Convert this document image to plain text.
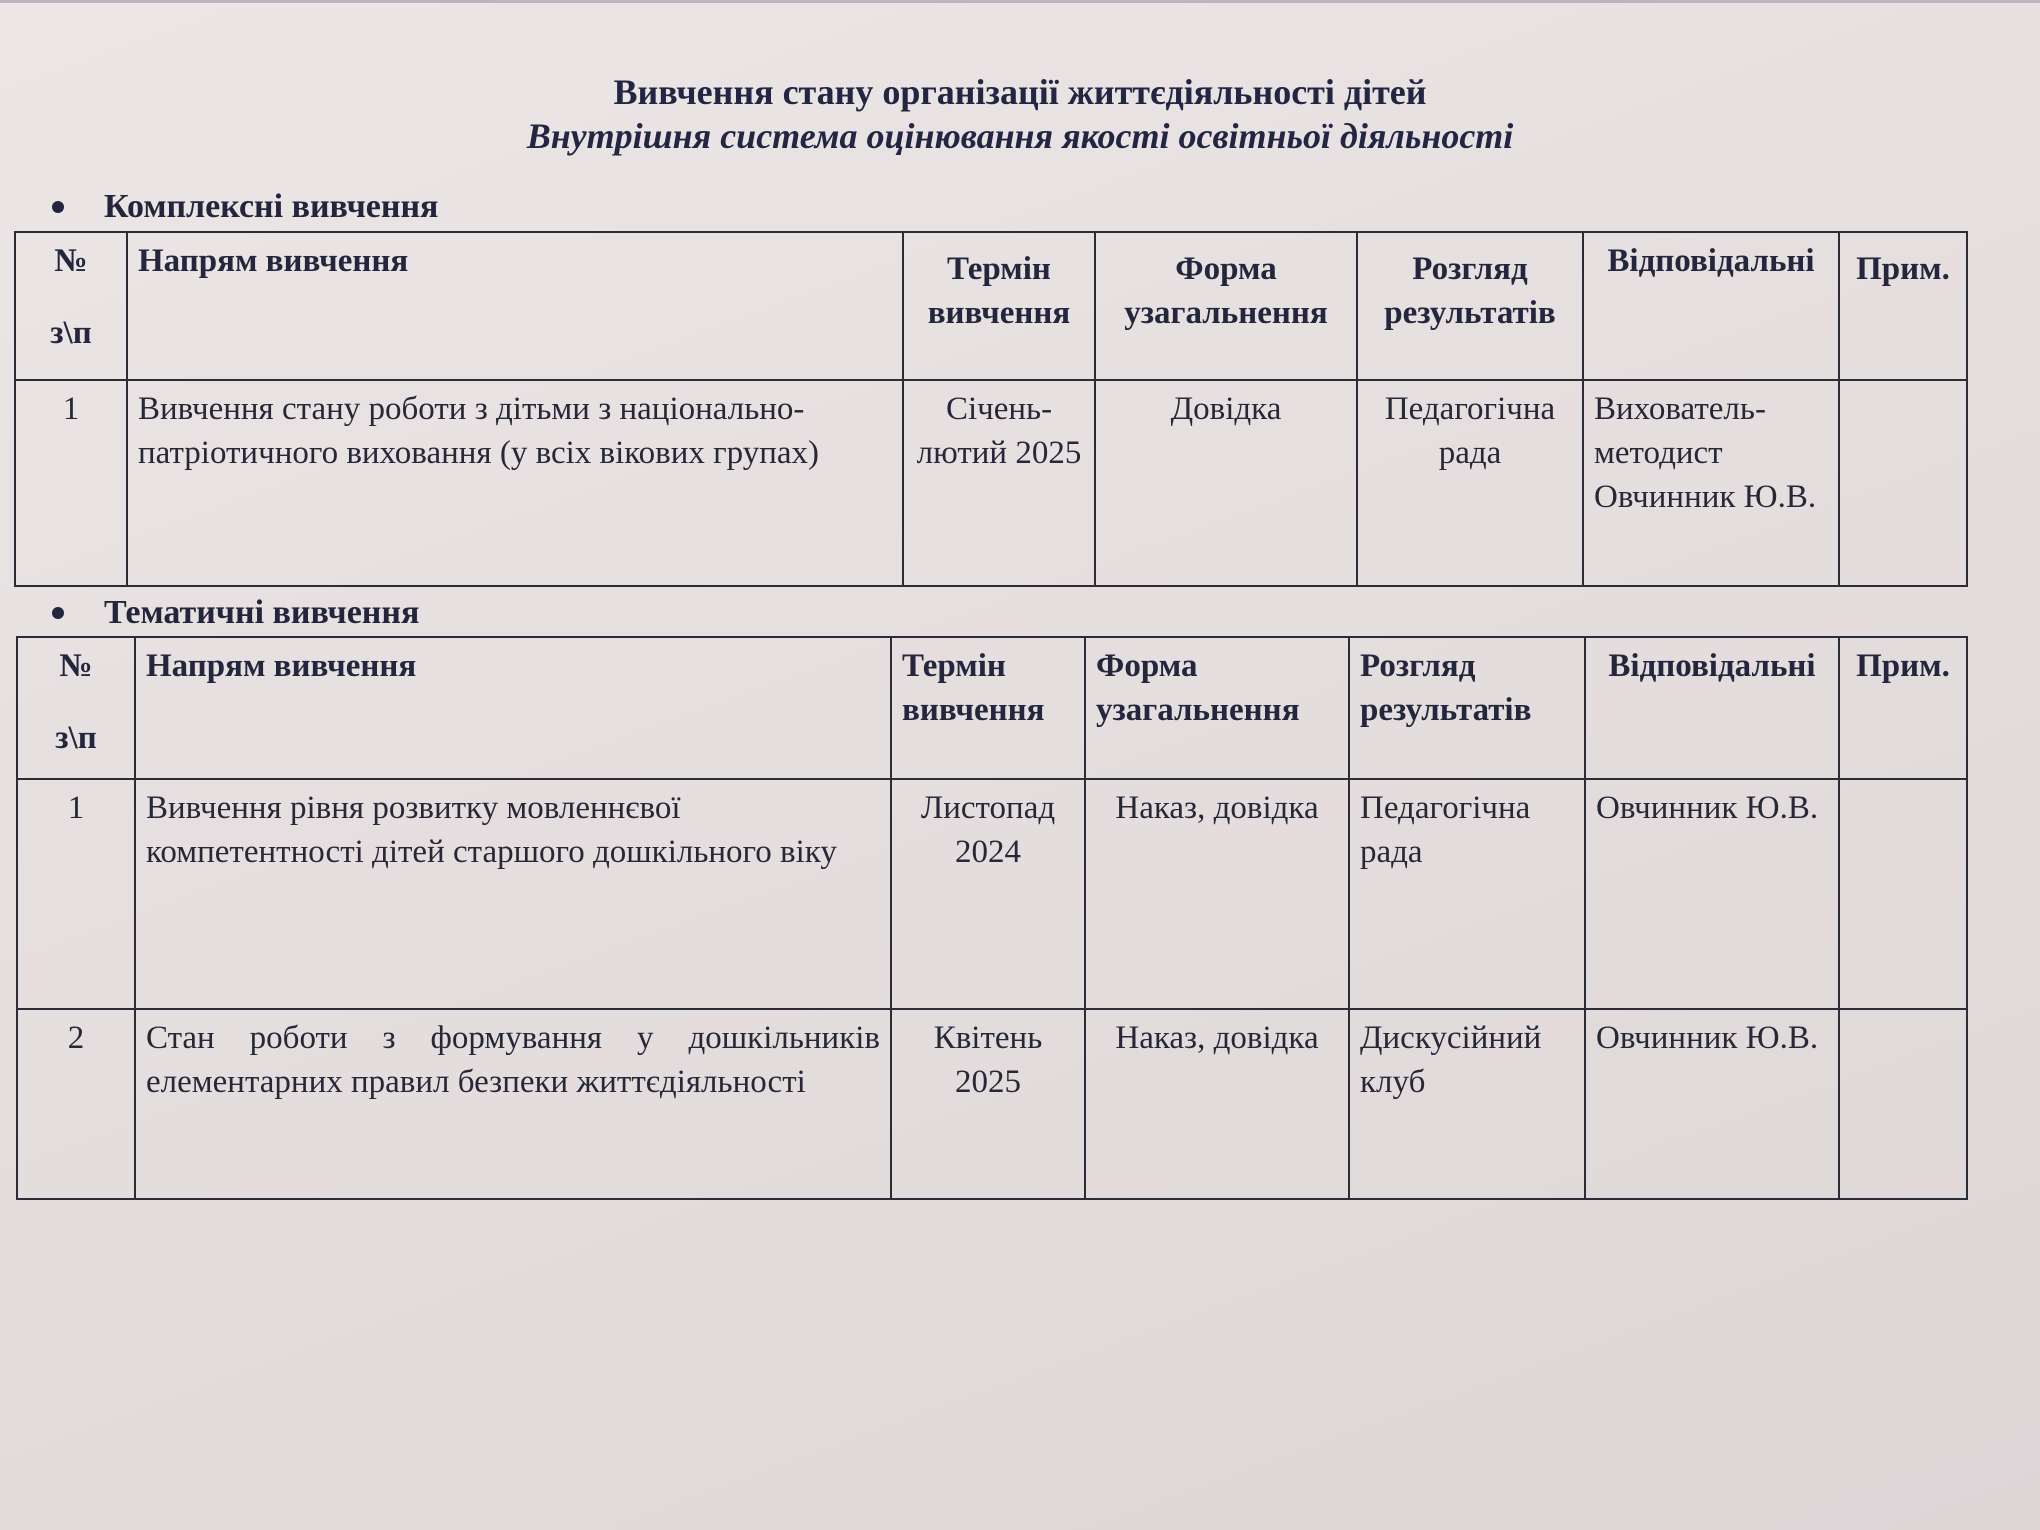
Вивчення стану організації життєдіяльності дітей
Внутрішня система оцінювання якості освітньої діяльності
Комплексні вивчення
№
з\п	Напрям вивчення	Термін вивчення	Форма узагальнення	Розгляд результатів	Відповідальні	Прим.
1	Вивчення стану роботи з дітьми з національно-патріотичного виховання (у всіх вікових групах)	Січень-лютий 2025	Довідка	Педагогічна рада	Вихователь-методист Овчинник Ю.В.	
Тематичні вивчення
№
з\п	Напрям вивчення	Термін вивчення	Форма узагальнення	Розгляд результатів	Відповідальні	Прим.
1	Вивчення рівня розвитку мовленнєвої компетентності дітей старшого дошкільного віку	Листопад 2024	Наказ, довідка	Педагогічна рада	Овчинник Ю.В.	
2	Стан роботи з формування у дошкільників елементарних правил безпеки життєдіяльності	Квітень 2025	Наказ, довідка	Дискусійний клуб	Овчинник Ю.В.	
